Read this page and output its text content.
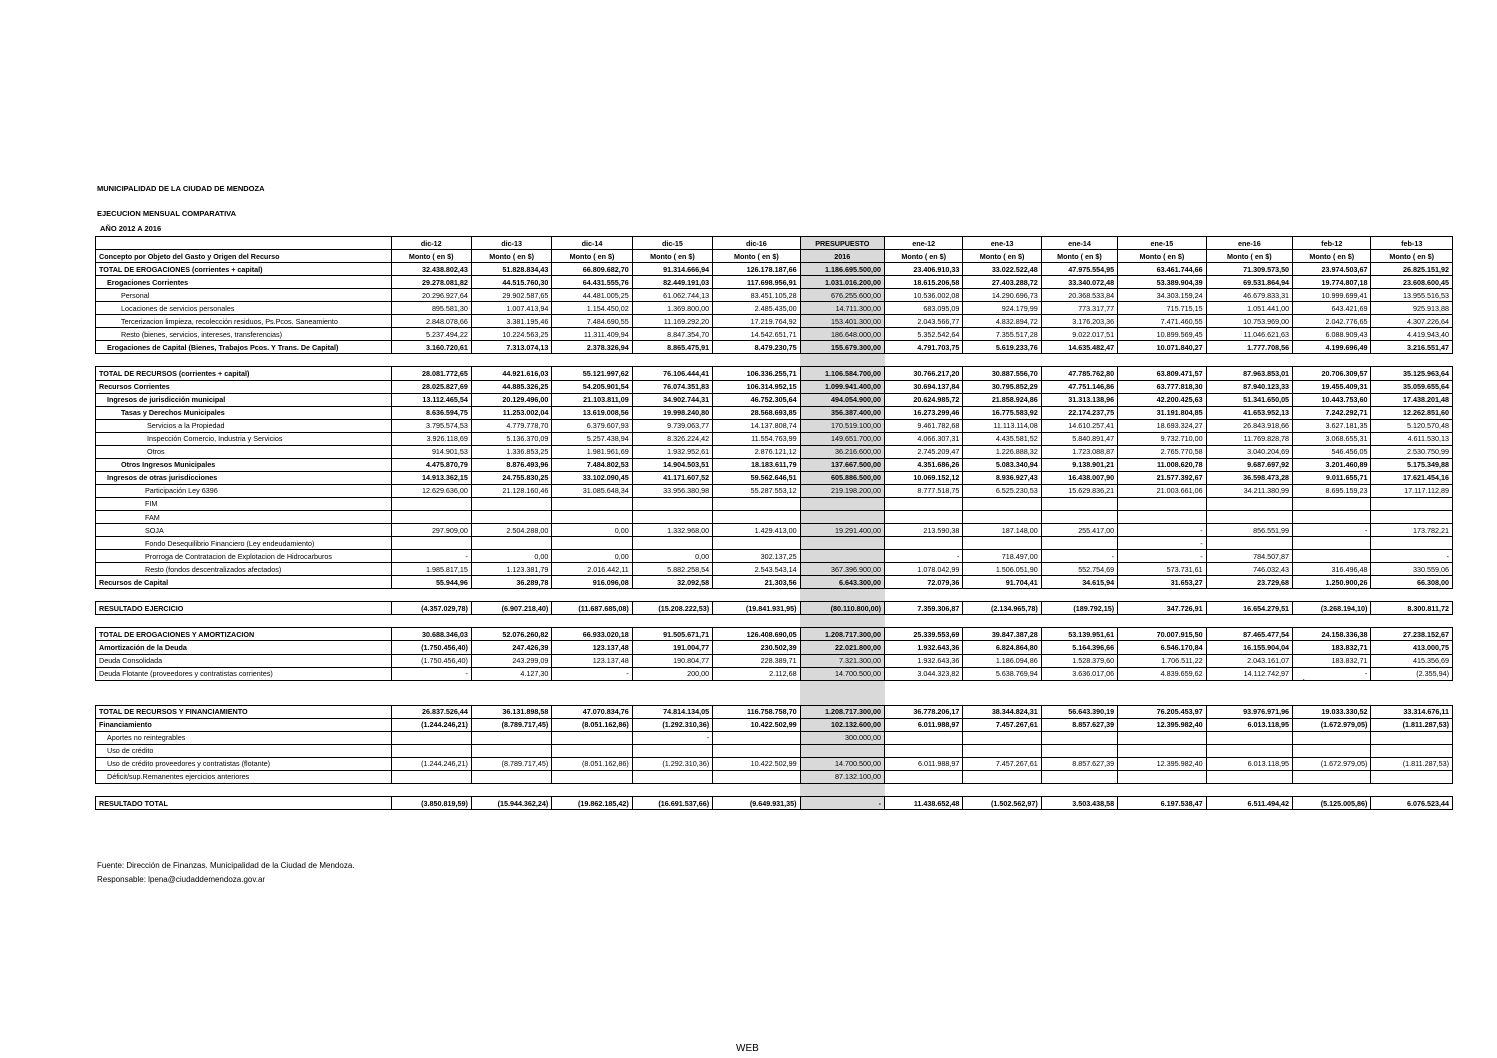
MUNICIPALIDAD DE LA CIUDAD DE MENDOZA
EJECUCION MENSUAL COMPARATIVA
AÑO 2012 A 2016
	dic-12	dic-13	dic-14	dic-15	dic-16	PRESUPUESTO	ene-12	ene-13	ene-14	ene-15	ene-16	feb-12	feb-13
Concepto por Objeto del Gasto y Origen del Recurso	Monto ( en $)	Monto ( en $)	Monto ( en $)	Monto ( en $)	Monto ( en $)	2016	Monto ( en $)	Monto ( en $)	Monto ( en $)	Monto ( en $)	Monto ( en $)	Monto ( en $)	Monto ( en $)
TOTAL DE EROGACIONES (corrientes + capital)	32.438.802,43	51.828.834,43	66.809.682,70	91.314.666,94	126.178.187,66	1.186.695.500,00	23.406.910,33	33.022.522,48	47.975.554,95	63.461.744,66	71.309.573,50	23.974.503,67	26.825.151,92
Erogaciones Corrientes	29.278.081,82	44.515.760,30	64.431.555,76	82.449.191,03	117.698.956,91	1.031.016.200,00	18.615.206,58	27.403.288,72	33.340.072,48	53.389.904,39	69.531.864,94	19.774.807,18	23.608.600,45
Personal	20.296.927,64	29.902.587,65	44.481.005,25	61.062.744,13	83.451.105,28	676.255.600,00	10.536.002,08	14.290.696,73	20.368.533,84	34.303.159,24	46.679.833,31	10.999.699,41	13.955.516,53
Locaciones de servicios personales	895.581,30	1.007.413,94	1.154.450,02	1.369.800,00	2.485.435,00	14.711.300,00	683.095,09	924.179,99	773.317,77	715.715,15	1.051.441,00	643.421,69	925.913,88
Tercerizacion limpieza, recolección residuos, Ps.Pcos. Saneamiento	2.848.078,66	3.381.195,46	7.484.690,55	11.169.292,20	17.219.764,92	153.401.300,00	2.043.566,77	4.832.894,72	3.176.203,36	7.471.460,55	10.753.969,00	2.042.776,65	4.307.226,64
Resto (bienes, servicios, intereses, transferencias)	5.237.494,22	10.224.563,25	11.311.409,94	8.847.354,70	14.542.651,71	186.648.000,00	5.352.542,64	7.355.517,28	9.022.017,51	10.899.569,45	11.046.621,63	6.088.909,43	4.419.943,40
Erogaciones de Capital (Bienes, Trabajos Pcos. Y Trans. De Capital)	3.160.720,61	7.313.074,13	2.378.326,94	8.865.475,91	8.479.230,75	155.679.300,00	4.791.703,75	5.619.233,76	14.635.482,47	10.071.840,27	1.777.708,56	4.199.696,49	3.216.551,47

TOTAL DE RECURSOS (corrientes + capital)	28.081.772,65	44.921.616,03	55.121.997,62	76.106.444,41	106.336.255,71	1.106.584.700,00	30.766.217,20	30.887.556,70	47.785.762,80	63.809.471,57	87.963.853,01	20.706.309,57	35.125.963,64
Recursos Corrientes	28.025.827,69	44.885.326,25	54.205.901,54	76.074.351,83	106.314.952,15	1.099.941.400,00	30.694.137,84	30.795.852,29	47.751.146,86	63.777.818,30	87.940.123,33	19.455.409,31	35.059.655,64
Ingresos de jurisdicción municipal	13.112.465,54	20.129.496,00	21.103.811,09	34.902.744,31	46.752.305,64	494.054.900,00	20.624.985,72	21.858.924,86	31.313.138,96	42.200.425,63	51.341.650,05	10.443.753,60	17.438.201,48
Tasas y Derechos Municipales	8.636.594,75	11.253.002,04	13.619.008,56	19.998.240,80	28.568.693,85	356.387.400,00	16.273.299,46	16.775.583,92	22.174.237,75	31.191.804,85	41.653.952,13	7.242.292,71	12.262.851,60
Servicios a la Propiedad	3.795.574,53	4.779.778,70	6.379.607,93	9.739.063,77	14.137.808,74	170.519.100,00	9.461.782,68	11.113.114,08	14.610.257,41	18.693.324,27	26.843.918,66	3.627.181,35	5.120.570,48
Inspección Comercio, Industria y Servicios	3.926.118,69	5.136.370,09	5.257.438,94	8.326.224,42	11.554.763,99	149.651.700,00	4.066.307,31	4.435.581,52	5.840.891,47	9.732.710,00	11.769.828,78	3.068.655,31	4.611.530,13
Otros	914.901,53	1.336.853,25	1.981.961,69	1.932.952,61	2.876.121,12	36.216.600,00	2.745.209,47	1.226.888,32	1.723.088,87	2.765.770,58	3.040.204,69	546.456,05	2.530.750,99
Otros Ingresos Municipales	4.475.870,79	8.876.493,96	7.484.802,53	14.904.503,51	18.183.611,79	137.667.500,00	4.351.686,26	5.083.340,94	9.138.901,21	11.008.620,78	9.687.697,92	3.201.460,89	5.175.349,88
Ingresos de otras jurisdicciones	14.913.362,15	24.755.830,25	33.102.090,45	41.171.607,52	59.562.646,51	605.886.500,00	10.069.152,12	8.936.927,43	16.438.007,90	21.577.392,67	36.598.473,28	9.011.655,71	17.621.454,16
Participación Ley 6396	12.629.636,00	21.128.160,46	31.085.648,34	33.956.380,98	55.287.553,12	219.198.200,00	8.777.518,75	6.525.230,53	15.629.836,21	21.003.661,06	34.211.380,99	8.695.159,23	17.117.112,89
FIM													
FAM													
SOJA	297.909,00	2.504.288,00	0,00	1.332.968,00	1.429.413,00	19.291.400,00	213.590,38	187.148,00	255.417,00	-	856.551,99	-	173.782,21
Fondo Desequilibrio Financiero (Ley endeudamiento)										-			
Prorroga de Contratacion de Explotacion de Hidrocarburos	-	0,00	0,00	0,00	302.137,25		-	718.497,00	-	-	784.507,87		-
Resto (fondos descentralizados afectados)	1.985.817,15	1.123.381,79	2.016.442,11	5.882.258,54	2.543.543,14	367.396.900,00	1.078.042,99	1.506.051,90	552.754,69	573.731,61	746.032,43	316.496,48	330.559,06
Recursos de Capital	55.944,96	36.289,78	916.096,08	32.092,58	21.303,56	6.643.300,00	72.079,36	91.704,41	34.615,94	31.653,27	23.729,68	1.250.900,26	66.308,00

RESULTADO EJERCICIO	(4.357.029,78)	(6.907.218,40)	(11.687.685,08)	(15.208.222,53)	(19.841.931,95)	(80.110.800,00)	7.359.306,87	(2.134.965,78)	(189.792,15)	347.726,91	16.654.279,51	(3.268.194,10)	8.300.811,72

TOTAL DE EROGACIONES Y AMORTIZACION	30.688.346,03	52.076.260,82	66.933.020,18	91.505.671,71	126.408.690,05	1.208.717.300,00	25.339.553,69	39.847.387,28	53.139.951,61	70.007.915,50	87.465.477,54	24.158.336,38	27.238.152,67
Amortización de la Deuda	(1.750.456,40)	247.426,39	123.137,48	191.004,77	230.502,39	22.021.800,00	1.932.643,36	6.824.864,80	5.164.396,66	6.546.170,84	16.155.904,04	183.832,71	413.000,75
Deuda Consolidada	(1.750.456,40)	243.299,09	123.137,48	190.804,77	228.389,71	7.321.300,00	1.932.643,36	1.186.094,86	1.528.379,60	1.706.511,22	2.043.161,07	183.832,71	415.356,69
Deuda Flotante (proveedores y contratistas corrientes)	-	4.127,30	-	200,00	2.112,68	14.700.500,00	3.044.323,82	5.638.769,94	3.636.017,06	4.839.659,62	14.112.742,97	-	(2.355,94)

TOTAL DE RECURSOS Y FINANCIAMIENTO	26.837.526,44	36.131.898,58	47.070.834,76	74.814.134,05	116.758.758,70	1.208.717.300,00	36.778.206,17	38.344.824,31	56.643.390,19	76.205.453,97	93.976.971,96	19.033.330,52	33.314.676,11
Financiamiento	(1.244.246,21)	(8.789.717,45)	(8.051.162,86)	(1.292.310,36)	10.422.502,99	102.132.600,00	6.011.988,97	7.457.267,61	8.857.627,39	12.395.982,40	6.013.118,95	(1.672.979,05)	(1.811.287,53)
Aportes no reintegrables				-		300.000,00							
Uso de crédito													
Uso de crédito proveedores y contratistas (flotante)	(1.244.246,21)	(8.789.717,45)	(8.051.162,86)	(1.292.310,36)	10.422.502,99	14.700.500,00	6.011.988,97	7.457.267,61	8.857.627,39	12.395.982,40	6.013.118,95	(1.672.979,05)	(1.811.287,53)
Déficit/sup.Remanentes ejercicios anteriores						87.132.100,00							

RESULTADO TOTAL	(3.850.819,59)	(15.944.362,24)	(19.862.185,42)	(16.691.537,66)	(9.649.931,35)	-	11.438.652,48	(1.502.562,97)	3.503.438,58	6.197.538,47	6.511.494,42	(5.125.005,86)	6.076.523,44
'
Fuente: Dirección de Finanzas. Municipalidad de la Ciudad de Mendoza.
Responsable: lpena@ciudaddemendoza.gov.ar
WEB
